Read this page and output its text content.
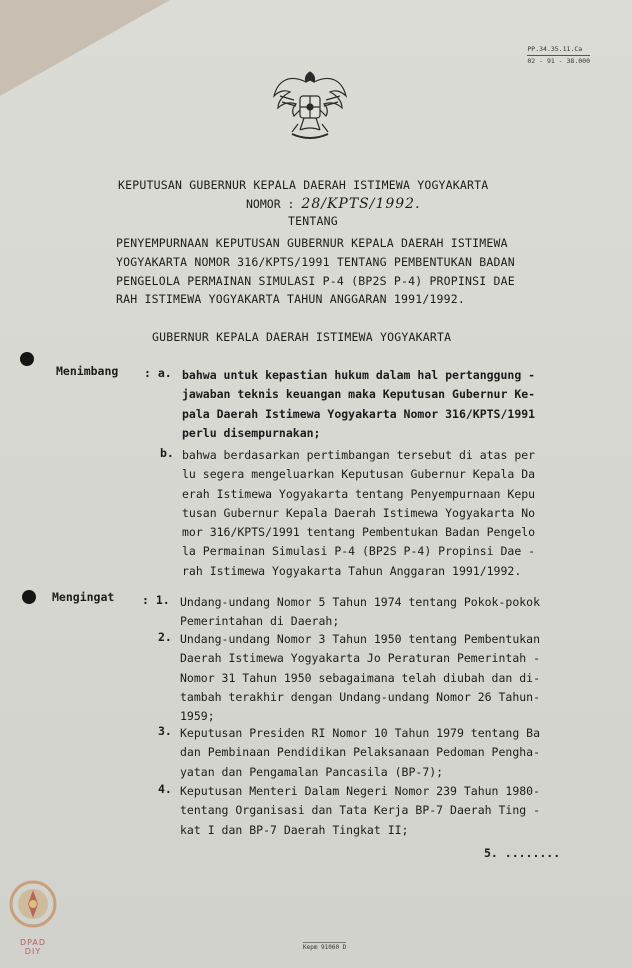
PP.34.35.11.Ca
02 - 91 - 38.000
KEPUTUSAN GUBERNUR KEPALA DAERAH ISTIMEWA YOGYAKARTA
NOMOR : 28/KPTS/1992.
TENTANG
PENYEMPURNAAN KEPUTUSAN GUBERNUR KEPALA DAERAH ISTIMEWA
YOGYAKARTA NOMOR 316/KPTS/1991 TENTANG PEMBENTUKAN BADAN
PENGELOLA PERMAINAN SIMULASI P-4 (BP2S P-4) PROPINSI DAE
RAH ISTIMEWA YOGYAKARTA TAHUN ANGGARAN 1991/1992.
GUBERNUR KEPALA DAERAH ISTIMEWA YOGYAKARTA
Menimbang : a. bahwa untuk kepastian hukum dalam hal pertanggung -
jawaban teknis keuangan maka Keputusan Gubernur Ke-
pala Daerah Istimewa Yogyakarta Nomor 316/KPTS/1991
perlu disempurnakan;
b. bahwa berdasarkan pertimbangan tersebut di atas per
lu segera mengeluarkan Keputusan Gubernur Kepala Da
erah Istimewa Yogyakarta tentang Penyempurnaan Kepu
tusan Gubernur Kepala Daerah Istimewa Yogyakarta No
mor 316/KPTS/1991 tentang Pembentukan Badan Pengelo
la Permainan Simulasi P-4 (BP2S P-4) Propinsi Dae -
rah Istimewa Yogyakarta Tahun Anggaran 1991/1992.
Mengingat : 1. Undang-undang Nomor 5 Tahun 1974 tentang Pokok-pokok
Pemerintahan di Daerah;
2. Undang-undang Nomor 3 Tahun 1950 tentang Pembentukan
Daerah Istimewa Yogyakarta Jo Peraturan Pemerintah -
Nomor 31 Tahun 1950 sebagaimana telah diubah dan di-
tambah terakhir dengan Undang-undang Nomor 26 Tahun-
1959;
3. Keputusan Presiden RI Nomor 10 Tahun 1979 tentang Ba
dan Pembinaan Pendidikan Pelaksanaan Pedoman Pengha-
yatan dan Pengamalan Pancasila (BP-7);
4. Keputusan Menteri Dalam Negeri Nomor 239 Tahun 1980-
tentang Organisasi dan Tata Kerja BP-7 Daerah Ting -
kat I dan BP-7 Daerah Tingkat II;
5. ........
DPAD
DIY	Kepm 91060 D
